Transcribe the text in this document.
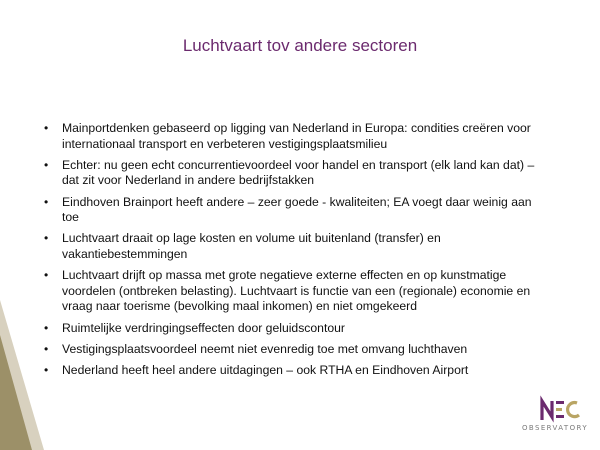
Luchtvaart tov andere sectoren
• Mainportdenken gebaseerd op ligging van Nederland in Europa: condities creëren voor internationaal transport en verbeteren vestigingsplaatsmilieu
• Echter: nu geen echt concurrentievoordeel voor handel en transport (elk land kan dat) – dat zit voor Nederland in andere bedrijfstakken
• Eindhoven Brainport heeft andere – zeer goede - kwaliteiten; EA voegt daar weinig aan toe
• Luchtvaart draait op lage kosten en volume uit buitenland (transfer) en vakantiebestemmingen
• Luchtvaart drijft op massa met grote negatieve externe effecten en op kunstmatige voordelen (ontbreken belasting). Luchtvaart is functie van een (regionale) economie en vraag naar toerisme (bevolking maal inkomen) en niet omgekeerd
• Ruimtelijke verdringingseffecten door geluidscontour
• Vestigingsplaatsvoordeel neemt niet evenredig toe met omvang luchthaven
• Nederland heeft heel andere uitdagingen – ook RTHA en Eindhoven Airport
OBSERVATORY
